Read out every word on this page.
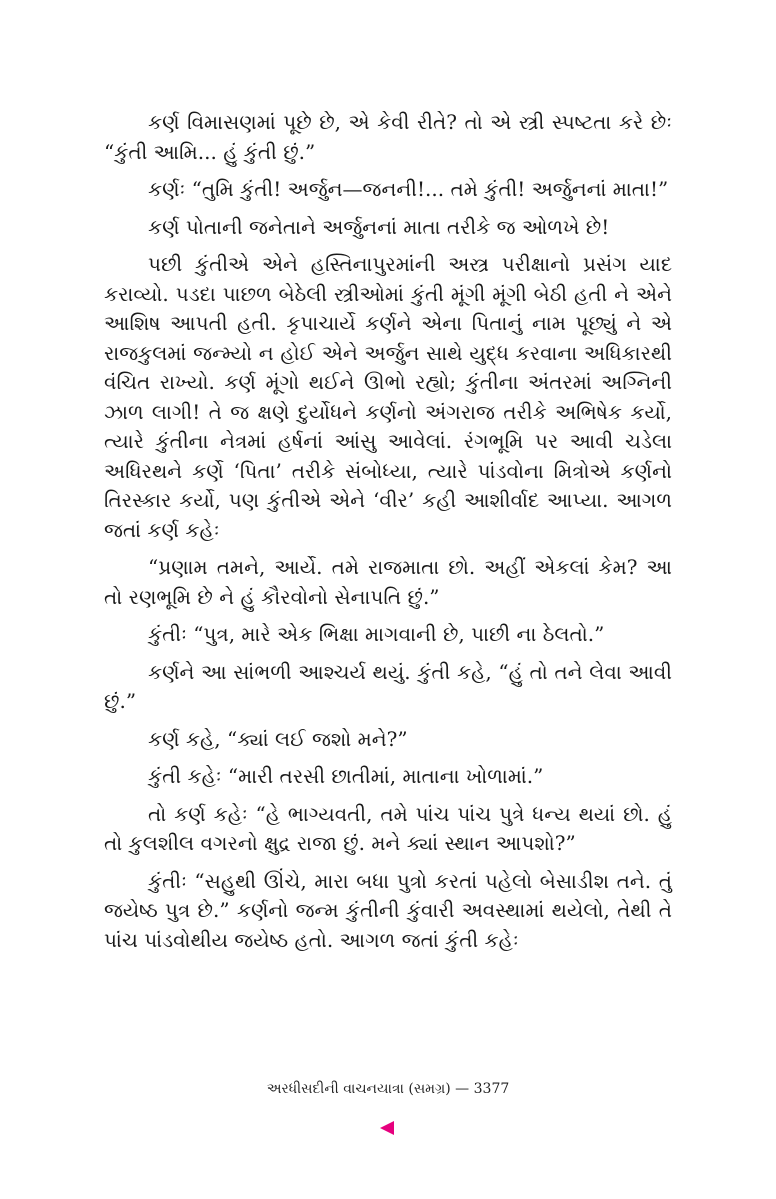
કર્ણ વિમાસણમાં પૂછે છે, એ કેવી રીતે? તો એ સ્ત્રી સ્પષ્ટતા કરે છેઃ “કુંતી આમિ... હું કુંતી છું.”

કર્ણઃ “તુમિ કુંતી! અર્જુન—જનની!... તમે કુંતી! અર્જુનનાં માતા!”

કર્ણ પોતાની જનેતાને અર્જુનનાં માતા તરીકે જ ઓળખે છે!

પછી કુંતીએ એને હસ્તિનાપુરમાંની અસ્ત્ર પરીક્ષાનો પ્રસંગ યાદ કરાવ્યો. પડદા પાછળ બેઠેલી સ્ત્રીઓમાં કુંતી મૂંગી મૂંગી બેઠી હતી ને એને આશિષ આપતી હતી. કૃપાચાર્યે કર્ણને એના પિતાનું નામ પૂછ્યું ને એ રાજકુલમાં જન્મ્યો ન હોઈ એને અર્જુન સાથે યુદ્ધ કરવાના અધિકારથી વંચિત રાખ્યો. કર્ણ મૂંગો થઈને ઊભો રહ્યો; કુંતીના અંતરમાં અગ્નિની ઝાળ લાગી! તે જ ક્ષણે દુર્યોધને કર્ણનો અંગરાજ તરીકે અભિષેક કર્યો, ત્યારે કુંતીના નેત્રમાં હર્ષનાં આંસુ આવેલાં. રંગભૂમિ પર આવી ચડેલા અધિરથને કર્ણે ‘પિતા’ તરીકે સંબોધ્યા, ત્યારે પાંડવોના મિત્રોએ કર્ણનો તિરસ્કાર કર્યો, પણ કુંતીએ એને ‘વીર’ કહી આશીર્વાદ આપ્યા. આગળ જતાં કર્ણ કહેઃ

“પ્રણામ તમને, આર્યે. તમે રાજમાતા છો. અહીં એકલાં કેમ? આ તો રણભૂમિ છે ને હું કૌરવોનો સેનાપતિ છું.”

કુંતીઃ “પુત્ર, મારે એક ભિક્ષા માગવાની છે, પાછી ના ઠેલતો.”

કર્ણને આ સાંભળી આશ્ચર્ય થયું. કુંતી કહે, “હું તો તને લેવા આવી છું.”

કર્ણ કહે, “ક્યાં લઈ જશો મને?”

કુંતી કહેઃ “મારી તરસી છાતીમાં, માતાના ખોળામાં.”

તો કર્ણ કહેઃ “હે ભાગ્યવતી, તમે પાંચ પાંચ પુત્રે ધન્ય થયાં છો. હું તો કુલશીલ વગરનો ક્ષુદ્ર રાજા છું. મને ક્યાં સ્થાન આપશો?”

કુંતીઃ “સહુથી ઊંચે, મારા બધા પુત્રો કરતાં પહેલો બેસાડીશ તને. તું જયેષ્ઠ પુત્ર છે.” કર્ણનો જન્મ કુંતીની કુંવારી અવસ્થામાં થયેલો, તેથી તે પાંચ પાંડવોથીય જયેષ્ઠ હતો. આગળ જતાં કુંતી કહેઃ

અરધીસદીની વાચનયાત્રા (સમગ્ર) — 3377
